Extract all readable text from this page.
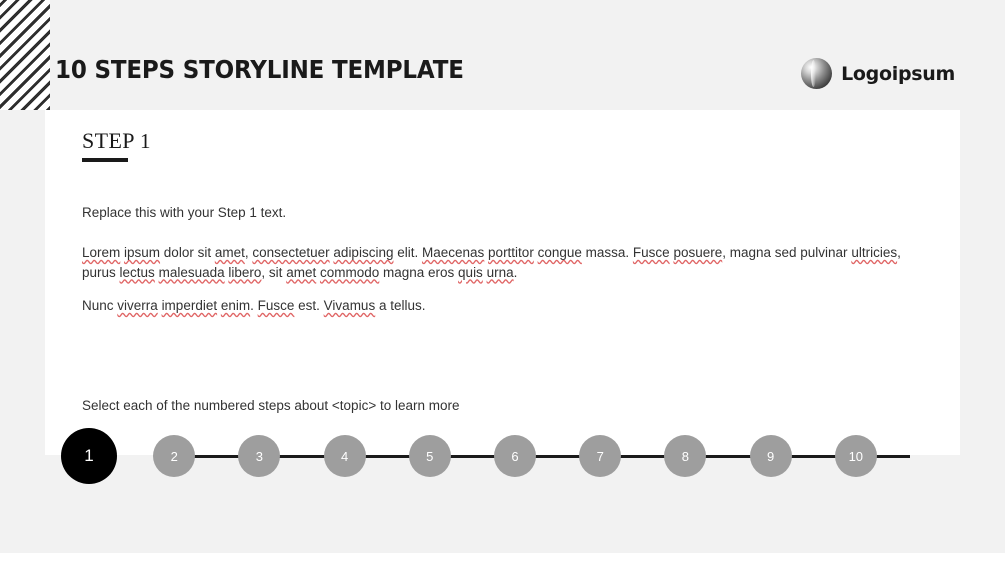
10 STEPS STORYLINE TEMPLATE	Logoipsum
STEP 1
Replace this with your Step 1 text.
Lorem ipsum dolor sit amet, consectetuer adipiscing elit. Maecenas porttitor congue massa. Fusce posuere, magna sed pulvinar ultricies, purus lectus malesuada libero, sit amet commodo magna eros quis urna.
Nunc viverra imperdiet enim. Fusce est. Vivamus a tellus.
Select each of the numbered steps about <topic> to learn more
1	2	3	4	5	6	7	8	9	10
